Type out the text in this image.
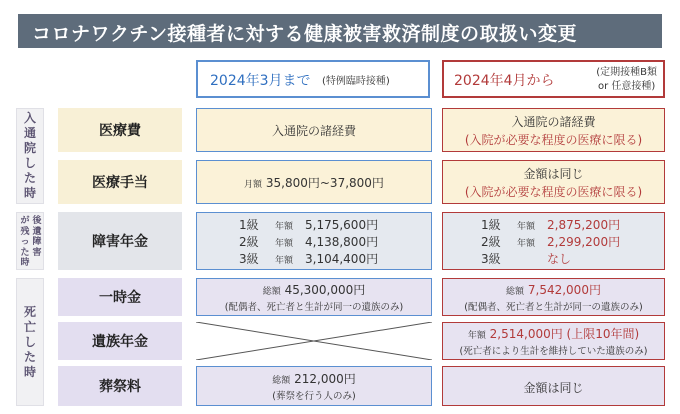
コロナワクチン接種者に対する健康被害救済制度の取扱い変更
2024年3月まで (特例臨時接種)	2024年4月から
(定期接種B類
or 任意接種)
入
通
院
し
た
時
後
遺
障
害
が
残
っ
た
時
死
亡
し
た
時
医療費
医療手当
障害年金
一時金
遺族年金
葬祭料
入通院の諸経費
入通院の諸経費
(入院が必要な程度の医療に限る)
月額 35,800円~37,800円
金額は同じ
(入院が必要な程度の医療に限る)
1級 年額 5,175,600円
2級 年額 4,138,800円
3級 年額 3,104,400円
1級 年額 2,875,200円
2級 年額 2,299,200円
3級	なし
総額 45,300,000円
(配偶者、死亡者と生計が同一の遺族のみ)
総額 7,542,000円
(配偶者、死亡者と生計が同一の遺族のみ)
年額 2,514,000円 (上限10年間)
(死亡者により生計を維持していた遺族のみ)
総額 212,000円
(葬祭を行う人のみ)
金額は同じ
